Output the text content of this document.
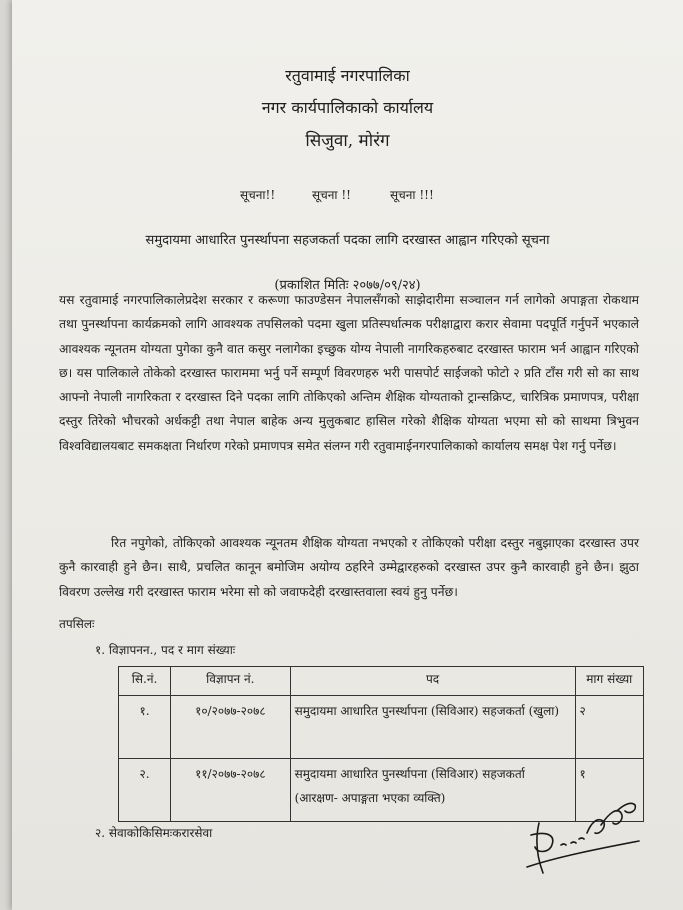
रतुवामाई नगरपालिका
नगर कार्यपालिकाको कार्यालय
सिजुवा, मोरंग
सूचना!!	सूचना !!	सूचना !!!
समुदायमा आधारित पुनर्स्थापना सहजकर्ता पदका लागि दरखास्त आह्वान गरिएको सूचना
(प्रकाशित मितिः २०७७/०९/२४)
यस रतुवामाई नगरपालिकालेप्रदेश सरकार र करूणा फाउण्डेसन नेपालसँगको साझेदारीमा सञ्चालन गर्न लागेको अपाङ्गता रोकथाम तथा पुनर्स्थापना कार्यक्रमको लागि आवश्यक तपसिलको पदमा खुला प्रतिस्पर्धात्मक परीक्षाद्वारा करार सेवामा पदपूर्ति गर्नुपर्ने भएकाले आवश्यक न्यूनतम योग्यता पुगेका कुनै वात कसुर नलागेका इच्छुक योग्य नेपाली नागरिकहरुबाट दरखास्त फाराम भर्न आह्वान गरिएको छ। यस पालिकाले तोकेको दरखास्त फाराममा भर्नु पर्ने सम्पूर्ण विवरणहरु भरी पासपोर्ट साईजको फोटो २ प्रति टाँस गरी सो का साथ आफ्नो नेपाली नागरिकता र दरखास्त दिने पदका लागि तोकिएको अन्तिम शैक्षिक योग्यताको ट्रान्सक्रिप्ट, चारित्रिक प्रमाणपत्र, परीक्षा दस्तुर तिरेको भौचरको अर्धकट्टी तथा नेपाल बाहेक अन्य मुलुकबाट हासिल गरेको शैक्षिक योग्यता भएमा सो को साथमा त्रिभुवन विश्वविद्यालयबाट समकक्षता निर्धारण गरेको प्रमाणपत्र समेत संलग्न गरी रतुवामाईनगरपालिकाको कार्यालय समक्ष पेश गर्नु पर्नेछ।
रित नपुगेको, तोकिएको आवश्यक न्यूनतम शैक्षिक योग्यता नभएको र तोकिएको परीक्षा दस्तुर नबुझाएका दरखास्त उपर कुनै कारवाही हुने छैन। साथै, प्रचलित कानून बमोजिम अयोग्य ठहरिने उम्मेद्वारहरुको दरखास्त उपर कुनै कारवाही हुने छैन। झुठा विवरण उल्लेख गरी दरखास्त फाराम भरेमा सो को जवाफदेही दरखास्तवाला स्वयं हुनु पर्नेछ।
तपसिलः
१. विज्ञापनन., पद र माग संख्याः
सि.नं.	विज्ञापन नं.	पद	माग संख्या
१.	१०/२०७७-२०७८	समुदायमा आधारित पुनर्स्थापना (सिविआर) सहजकर्ता (खुला)	२
२.	११/२०७७-२०७८	समुदायमा आधारित पुनर्स्थापना (सिविआर) सहजकर्ता (आरक्षण- अपाङ्गता भएका व्यक्ति)	१
२. सेवाकोकिसिमःकरारसेवा
